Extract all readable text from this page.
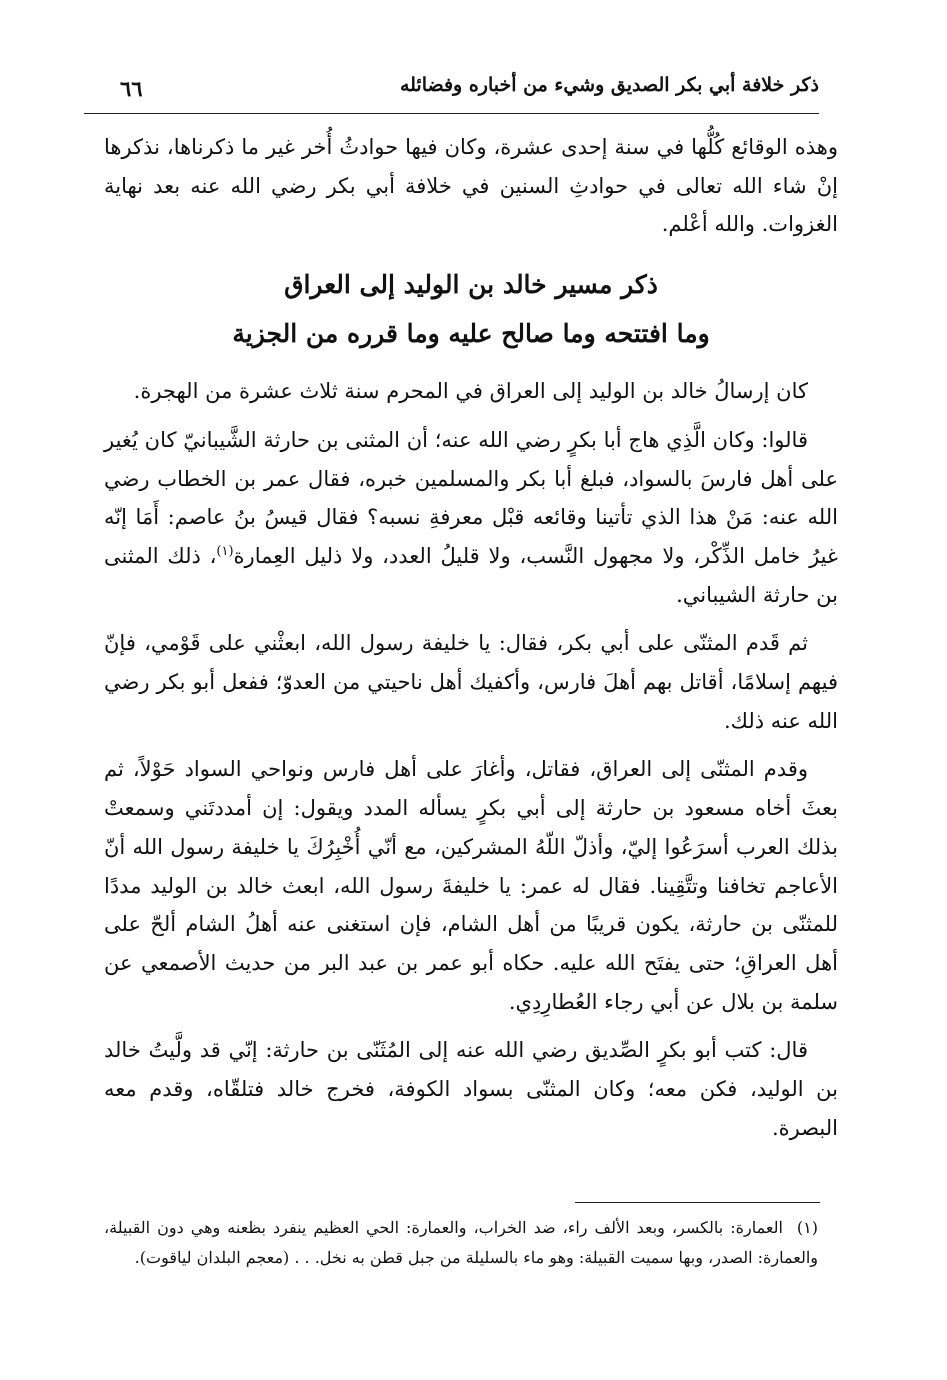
ذكر خلافة أبي بكر الصديق وشيء من أخباره وفضائله
٦٦

وهذه الوقائع كُلُّها في سنة إحدى عشرة، وكان فيها حوادثُ أُخر غير ما ذكرناها، نذكرها إنْ شاء الله تعالى في حوادثِ السنين في خلافة أبي بكر رضي الله عنه بعد نهاية الغزوات. والله أعْلم.

ذكر مسير خالد بن الوليد إلى العراق
وما افتتحه وما صالح عليه وما قرره من الجزية

كان إرسالُ خالد بن الوليد إلى العراق في المحرم سنة ثلاث عشرة من الهجرة.

قالوا: وكان الَّذِي هاج أبا بكرٍ رضي الله عنه؛ أن المثنى بن حارثة الشَّيبانيّ كان يُغير على أهل فارسَ بالسواد، فبلغ أبا بكر والمسلمين خبره، فقال عمر بن الخطاب رضي الله عنه: مَنْ هذا الذي تأتينا وقائعه قبْل معرفةِ نسبه؟ فقال قيسُ بنُ عاصم: أَمَا إنّه غيرُ خامل الذِّكْر، ولا مجهول النَّسب، ولا قليلُ العدد، ولا ذليل العِمارة$^{(١)}$، ذلك المثنى بن حارثة الشيباني.

ثم قَدم المثنّى على أبي بكر، فقال: يا خليفة رسول الله، ابعثْني على قَوْمي، فإنّ فيهم إسلامًا، أقاتل بهم أهلَ فارس، وأكفيك أهل ناحيتي من العدوّ؛ ففعل أبو بكر رضي الله عنه ذلك.

وقدم المثنّى إلى العراق، فقاتل، وأغارَ على أهل فارس ونواحي السواد حَوْلاً، ثم بعثَ أخاه مسعود بن حارثة إلى أبي بكرٍ يسأله المدد ويقول: إن أمددتَني وسمعتْ بذلك العرب أسرَعُوا إليّ، وأذلّ اللّهُ المشركين، مع أنّي أُخْبِرُكَ يا خليفة رسول الله أنّ الأعاجم تخافنا وتتَّقِينا. فقال له عمر: يا خليفةَ رسول الله، ابعث خالد بن الوليد مددًا للمثنّى بن حارثة، يكون قريبًا من أهل الشام، فإن استغنى عنه أهلُ الشام ألحّ على أهل العراقِ؛ حتى يفتَح الله عليه. حكاه أبو عمر بن عبد البر من حديث الأصمعي عن سلمة بن بلال عن أبي رجاء العُطارِدِي.

قال: كتب أبو بكرٍ الصِّديق رضي الله عنه إلى المُثَنّى بن حارثة: إنّي قد ولَّيتُ خالد بن الوليد، فكن معه؛ وكان المثنّى بسواد الكوفة، فخرج خالد فتلقّاه، وقدم معه البصرة.

(١)العمارة: بالكسر، وبعد الألف راء، ضد الخراب، والعمارة: الحي العظيم ينفرد بظعنه وهي دون القبيلة، والعمارة: الصدر، وبها سميت القبيلة: وهو ماء بالسليلة من جبل قطن به نخل. . . (معجم البلدان لياقوت).
